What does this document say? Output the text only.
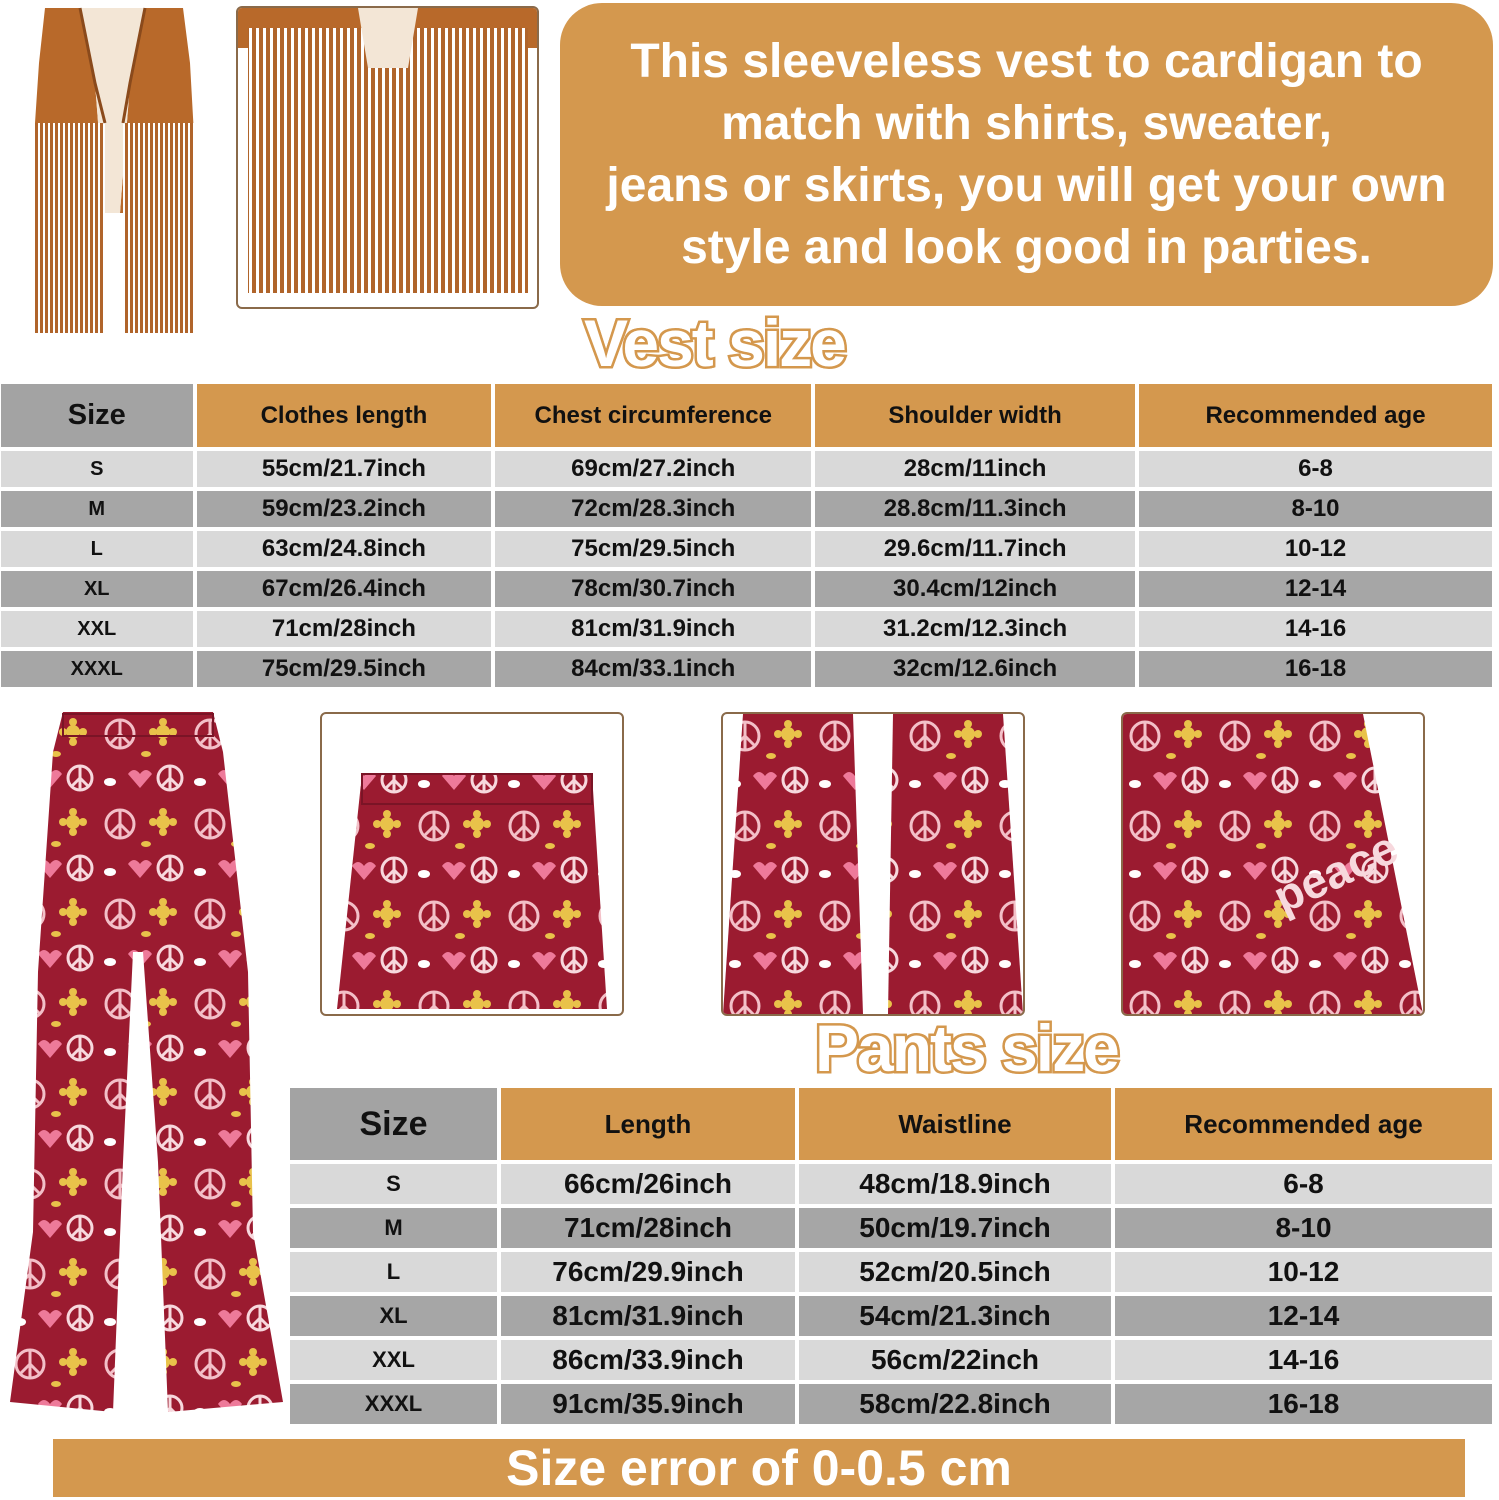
This sleeveless vest to cardigan to
match with shirts, sweater,
jeans or skirts, you will get your own
style and look good in parties.
Vest size
Size	Clothes length	Chest circumference	Shoulder width	Recommended age
S	55cm/21.7inch	69cm/27.2inch	28cm/11inch	6-8
M	59cm/23.2inch	72cm/28.3inch	28.8cm/11.3inch	8-10
L	63cm/24.8inch	75cm/29.5inch	29.6cm/11.7inch	10-12
XL	67cm/26.4inch	78cm/30.7inch	30.4cm/12inch	12-14
XXL	71cm/28inch	81cm/31.9inch	31.2cm/12.3inch	14-16
XXXL	75cm/29.5inch	84cm/33.1inch	32cm/12.6inch	16-18
peace
Pants size
Size	Length	Waistline	Recommended age
S	66cm/26inch	48cm/18.9inch	6-8
M	71cm/28inch	50cm/19.7inch	8-10
L	76cm/29.9inch	52cm/20.5inch	10-12
XL	81cm/31.9inch	54cm/21.3inch	12-14
XXL	86cm/33.9inch	56cm/22inch	14-16
XXXL	91cm/35.9inch	58cm/22.8inch	16-18
Size error of 0-0.5 cm
